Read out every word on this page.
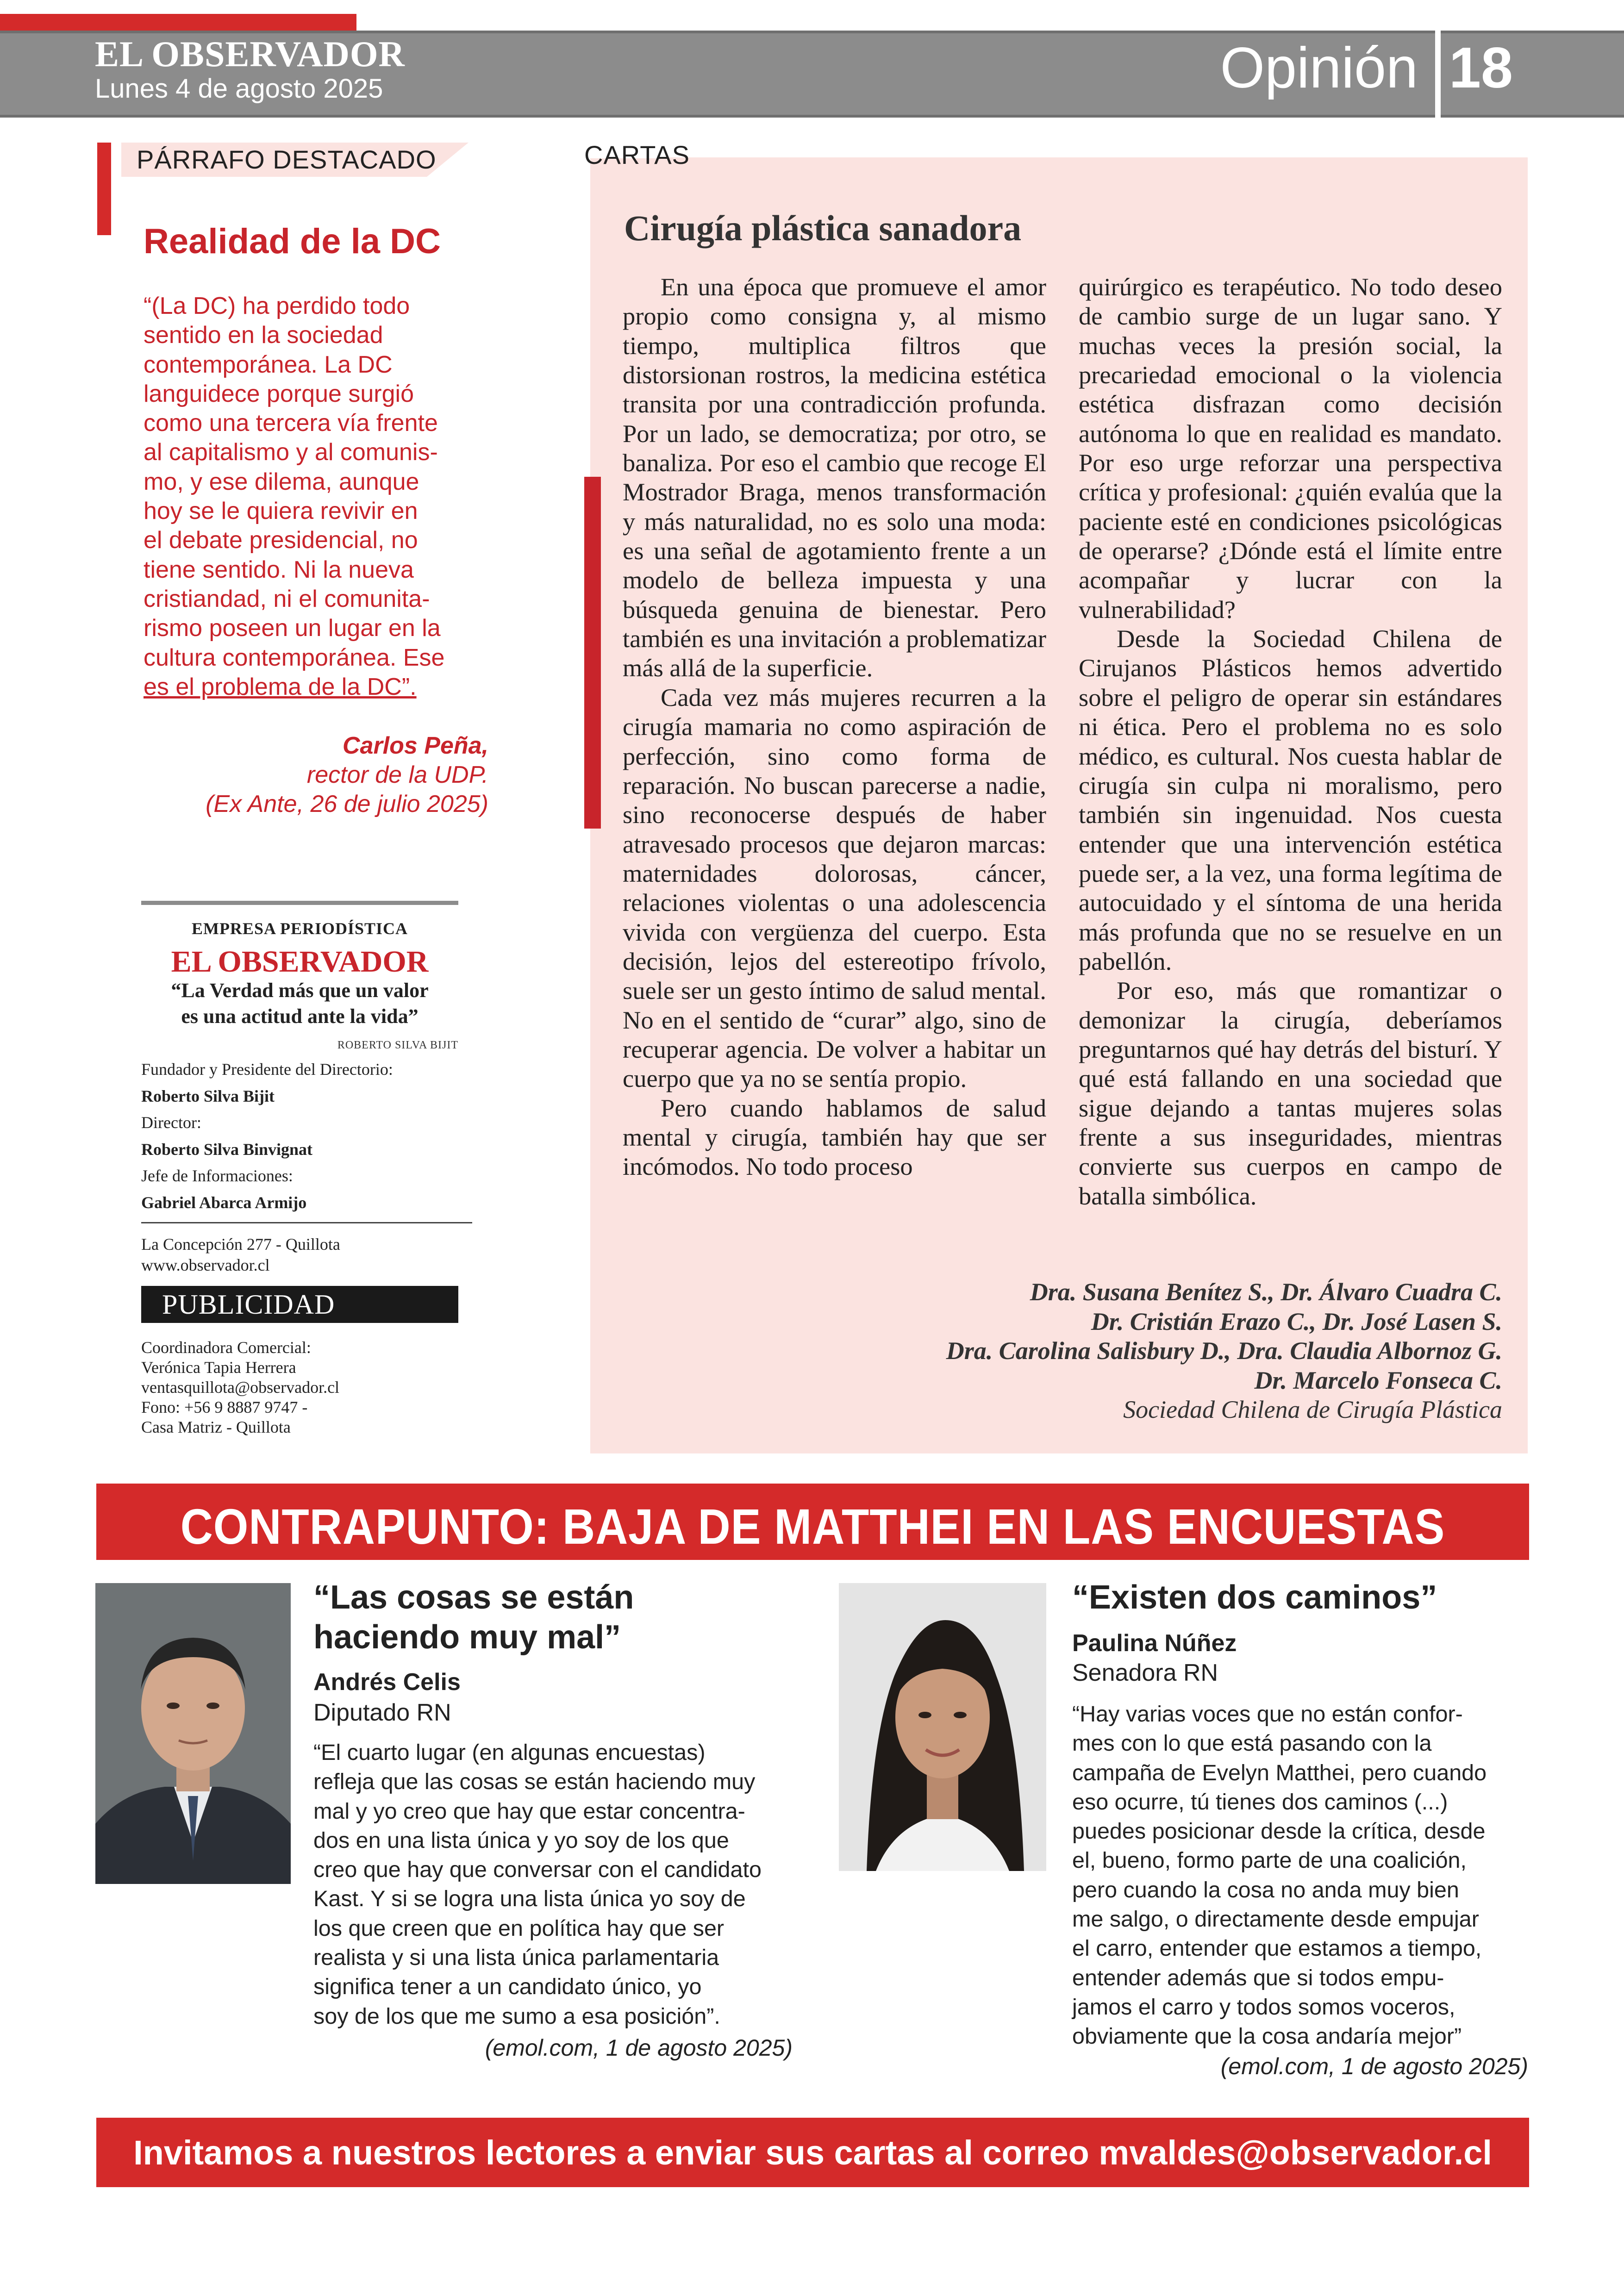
EL OBSERVADOR
Lunes 4 de agosto 2025	Opinión 18
PÁRRAFO DESTACADO
Realidad de la DC
“(La DC) ha perdido todo
sentido en la sociedad
contemporánea. La DC
languidece porque surgió
como una tercera vía frente
al capitalismo y al comunis-
mo, y ese dilema, aunque
hoy se le quiera revivir en
el debate presidencial, no
tiene sentido. Ni la nueva
cristiandad, ni el comunita-
rismo poseen un lugar en la
cultura contemporánea. Ese
es el problema de la DC”.
Carlos Peña,
rector de la UDP.
(Ex Ante, 26 de julio 2025)
EMPRESA PERIODÍSTICA
EL OBSERVADOR
“La Verdad más que un valor
es una actitud ante la vida”
ROBERTO SILVA BIJIT
Fundador y Presidente del Directorio:
Roberto Silva Bijit
Director:
Roberto Silva Binvignat
Jefe de Informaciones:
Gabriel Abarca Armijo
La Concepción 277 - Quillota
www.observador.cl
PUBLICIDAD
Coordinadora Comercial:
Verónica Tapia Herrera
ventasquillota@observador.cl
Fono: +56 9 8887 9747 -
Casa Matriz - Quillota
CARTAS
Cirugía plástica sanadora

En una época que promueve el amor propio como consigna y, al mismo tiempo, multiplica filtros que distorsionan rostros, la medicina estética transita por una contradicción profunda. Por un lado, se democratiza; por otro, se banaliza. Por eso el cambio que recoge El Mostrador Braga, menos transformación y más naturalidad, no es solo una moda: es una señal de agotamiento frente a un modelo de belleza impuesta y una búsqueda genuina de bienestar. Pero también es una invitación a problematizar más allá de la superficie.

Cada vez más mujeres recurren a la cirugía mamaria no como aspiración de perfección, sino como forma de reparación. No buscan parecerse a nadie, sino reconocerse después de haber atravesado procesos que dejaron marcas: maternidades dolorosas, cáncer, relaciones violentas o una adolescencia vivida con vergüenza del cuerpo. Esta decisión, lejos del estereotipo frívolo, suele ser un gesto íntimo de salud mental. No en el sentido de “curar” algo, sino de recuperar agencia. De volver a habitar un cuerpo que ya no se sentía propio.

Pero cuando hablamos de salud mental y cirugía, también hay que ser incómodos. No todo proceso

quirúrgico es terapéutico. No todo deseo de cambio surge de un lugar sano. Y muchas veces la presión social, la precariedad emocional o la violencia estética disfrazan como decisión autónoma lo que en realidad es mandato. Por eso urge reforzar una perspectiva crítica y profesional: ¿quién evalúa que la paciente esté en condiciones psicológicas de operarse? ¿Dónde está el límite entre acompañar y lucrar con la vulnerabilidad?

Desde la Sociedad Chilena de Cirujanos Plásticos hemos advertido sobre el peligro de operar sin estándares ni ética. Pero el problema no es solo médico, es cultural. Nos cuesta hablar de cirugía sin culpa ni moralismo, pero también sin ingenuidad. Nos cuesta entender que una intervención estética puede ser, a la vez, una forma legítima de autocuidado y el síntoma de una herida más profunda que no se resuelve en un pabellón.

Por eso, más que romantizar o demonizar la cirugía, deberíamos preguntarnos qué hay detrás del bisturí. Y qué está fallando en una sociedad que sigue dejando a tantas mujeres solas frente a sus inseguridades, mientras convierte sus cuerpos en campo de batalla simbólica.

Dra. Susana Benítez S., Dr. Álvaro Cuadra C.
Dr. Cristián Erazo C., Dr. José Lasen S.
Dra. Carolina Salisbury D., Dra. Claudia Albornoz G.
Dr. Marcelo Fonseca C.
Sociedad Chilena de Cirugía Plástica
CONTRAPUNTO: BAJA DE MATTHEI EN LAS ENCUESTAS
“Las cosas se están haciendo muy mal”
Andrés Celis
Diputado RN
“El cuarto lugar (en algunas encuestas)
refleja que las cosas se están haciendo muy
mal y yo creo que hay que estar concentra-
dos en una lista única y yo soy de los que
creo que hay que conversar con el candidato
Kast. Y si se logra una lista única yo soy de
los que creen que en política hay que ser
realista y si una lista única parlamentaria
significa tener a un candidato único, yo
soy de los que me sumo a esa posición”.
(emol.com, 1 de agosto 2025)
“Existen dos caminos”
Paulina Núñez
Senadora RN
“Hay varias voces que no están confor-
mes con lo que está pasando con la
campaña de Evelyn Matthei, pero cuando
eso ocurre, tú tienes dos caminos (...)
puedes posicionar desde la crítica, desde
el, bueno, formo parte de una coalición,
pero cuando la cosa no anda muy bien
me salgo, o directamente desde empujar
el carro, entender que estamos a tiempo,
entender además que si todos empu-
jamos el carro y todos somos voceros,
obviamente que la cosa andaría mejor”
(emol.com, 1 de agosto 2025)
Invitamos a nuestros lectores a enviar sus cartas al correo mvaldes@observador.cl
